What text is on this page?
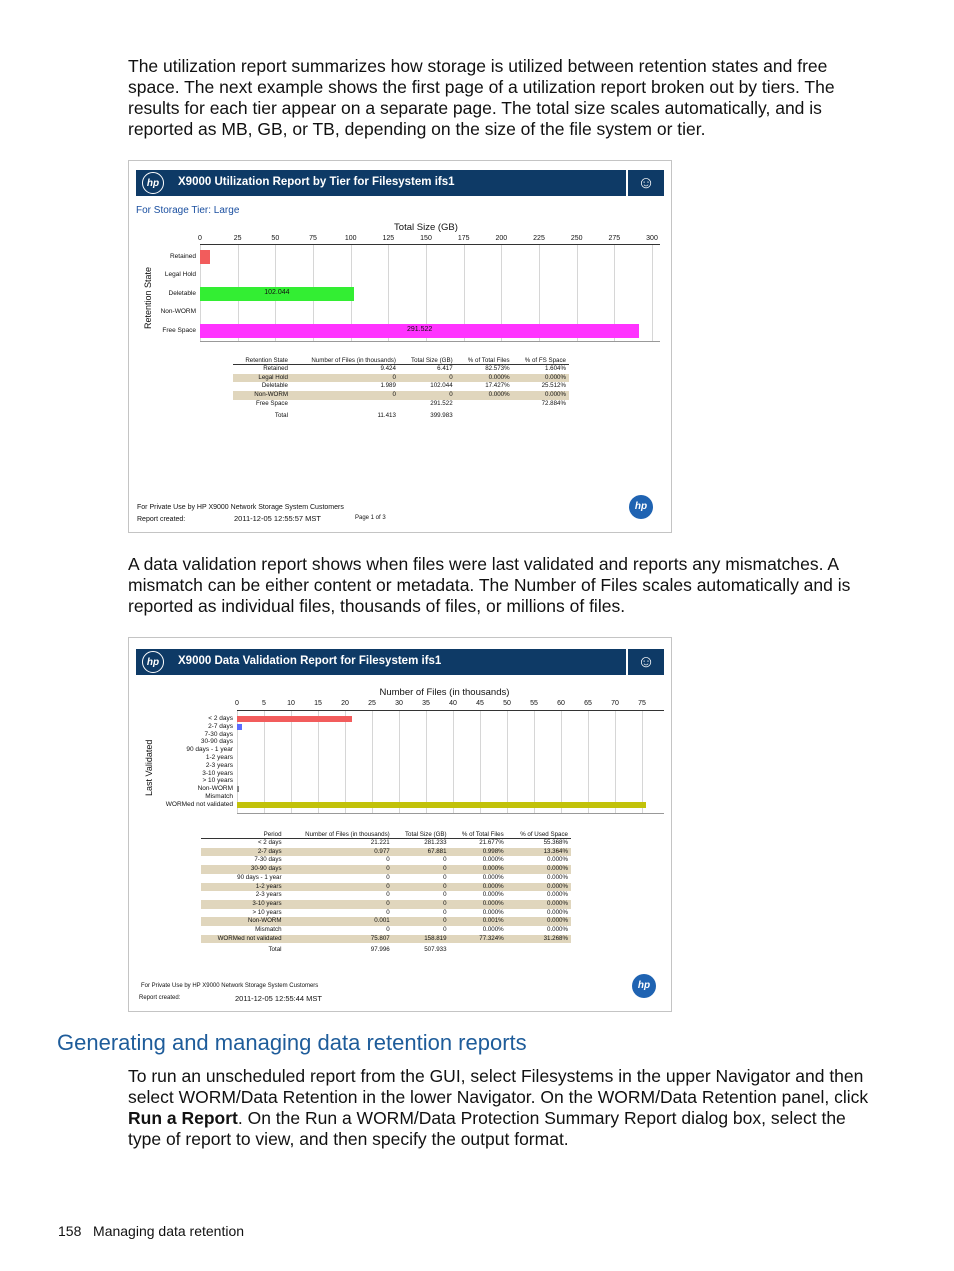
The utilization report summarizes how storage is utilized between retention states and free space. The next example shows the first page of a utilization report broken out by tiers. The results for each tier appear on a separate page. The total size scales automatically, and is reported as MB, GB, or TB, depending on the size of the file system or tier.

hp	X9000 Utilization Report by Tier for Filesystem ifs1	☺
For Storage Tier: Large
Total Size (GB)
0	25	50	75	100	125	150	175	200	225	250	275	300
Retention State
Retained
Legal Hold
Deletable	102.044
Non-WORM
Free Space	291.522
Retention State	Number of Files (in thousands)	Total Size (GB)	% of Total Files	% of FS Space
Retained	9.424	6.417	82.573%	1.604%
Legal Hold	0	0	0.000%	0.000%
Deletable	1.989	102.044	17.427%	25.512%
Non-WORM	0	0	0.000%	0.000%
Free Space		291.522		72.884%
Total	11.413	399.983		
For Private Use by HP X9000 Network Storage System Customers
Report created:	2011-12-05 12:55:57 MST	Page 1 of 3
hp

A data validation report shows when files were last validated and reports any mismatches. A mismatch can be either content or metadata. The Number of Files scales automatically and is reported as individual files, thousands of files, or millions of files.

hp	X9000 Data Validation Report for Filesystem ifs1	☺
Number of Files (in thousands)
0	5	10	15	20	25	30	35	40	45	50	55	60	65	70	75
Last Validated
< 2 days
2-7 days
7-30 days
30-90 days
90 days - 1 year
1-2 years
2-3 years
3-10 years
> 10 years
Non-WORM
Mismatch
WORMed not validated
Period	Number of Files (in thousands)	Total Size (GB)	% of Total Files	% of Used Space
< 2 days	21.221	281.233	21.677%	55.368%
2-7 days	0.977	67.881	0.998%	13.364%
7-30 days	0	0	0.000%	0.000%
30-90 days	0	0	0.000%	0.000%
90 days - 1 year	0	0	0.000%	0.000%
1-2 years	0	0	0.000%	0.000%
2-3 years	0	0	0.000%	0.000%
3-10 years	0	0	0.000%	0.000%
> 10 years	0	0	0.000%	0.000%
Non-WORM	0.001	0	0.001%	0.000%
Mismatch	0	0	0.000%	0.000%
WORMed not validated	75.807	158.819	77.324%	31.268%
Total	97.996	507.933		
For Private Use by HP X9000 Network Storage System Customers
Report created:	2011-12-05 12:55:44 MST
hp
Generating and managing data retention reports

To run an unscheduled report from the GUI, select Filesystems in the upper Navigator and then select WORM/Data Retention in the lower Navigator. On the WORM/Data Retention panel, click Run a Report. On the Run a WORM/Data Protection Summary Report dialog box, select the type of report to view, and then specify the output format.

158 Managing data retention
